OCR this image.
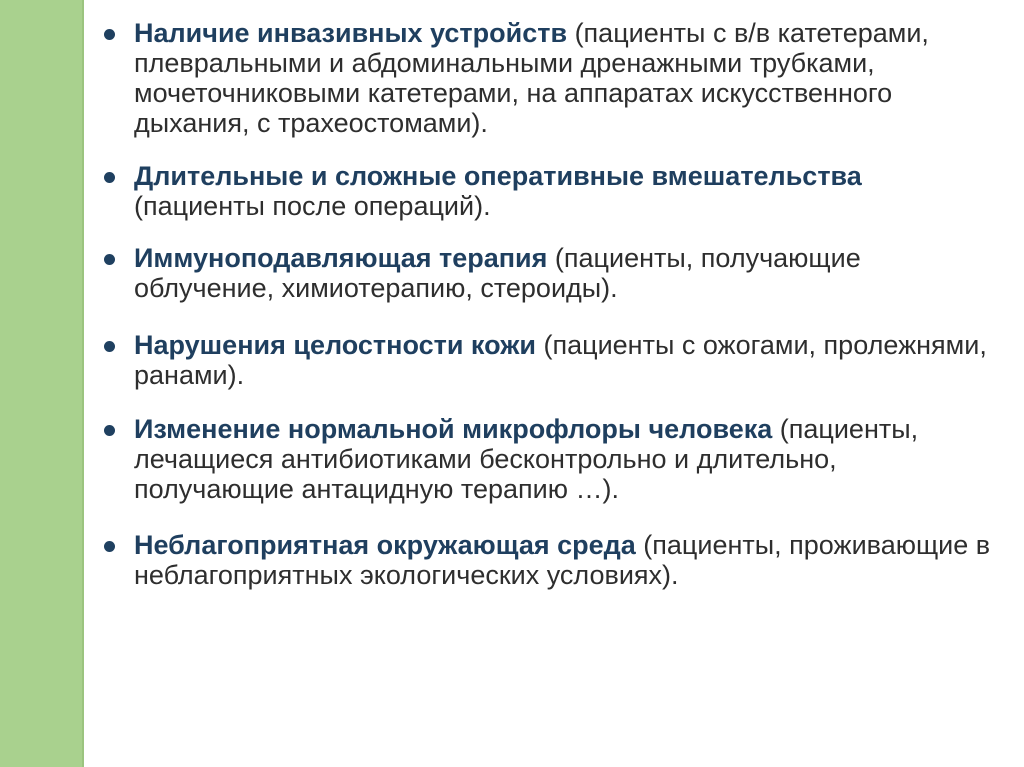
Наличие инвазивных устройств (пациенты с в/в катетерами, плевральными и абдоминальными дренажными трубками, мочеточниковыми катетерами, на аппаратах искусственного дыхания, с трахеостомами).
Длительные и сложные оперативные вмешательства (пациенты после операций).
Иммуноподавляющая терапия (пациенты, получающие облучение, химиотерапию, стероиды).
Нарушения целостности кожи (пациенты с ожогами, пролежнями, ранами).
Изменение нормальной микрофлоры человека (пациенты, лечащиеся антибиотиками бесконтрольно и длительно, получающие антацидную терапию …).
Неблагоприятная окружающая среда (пациенты, проживающие в неблагоприятных экологических условиях).
